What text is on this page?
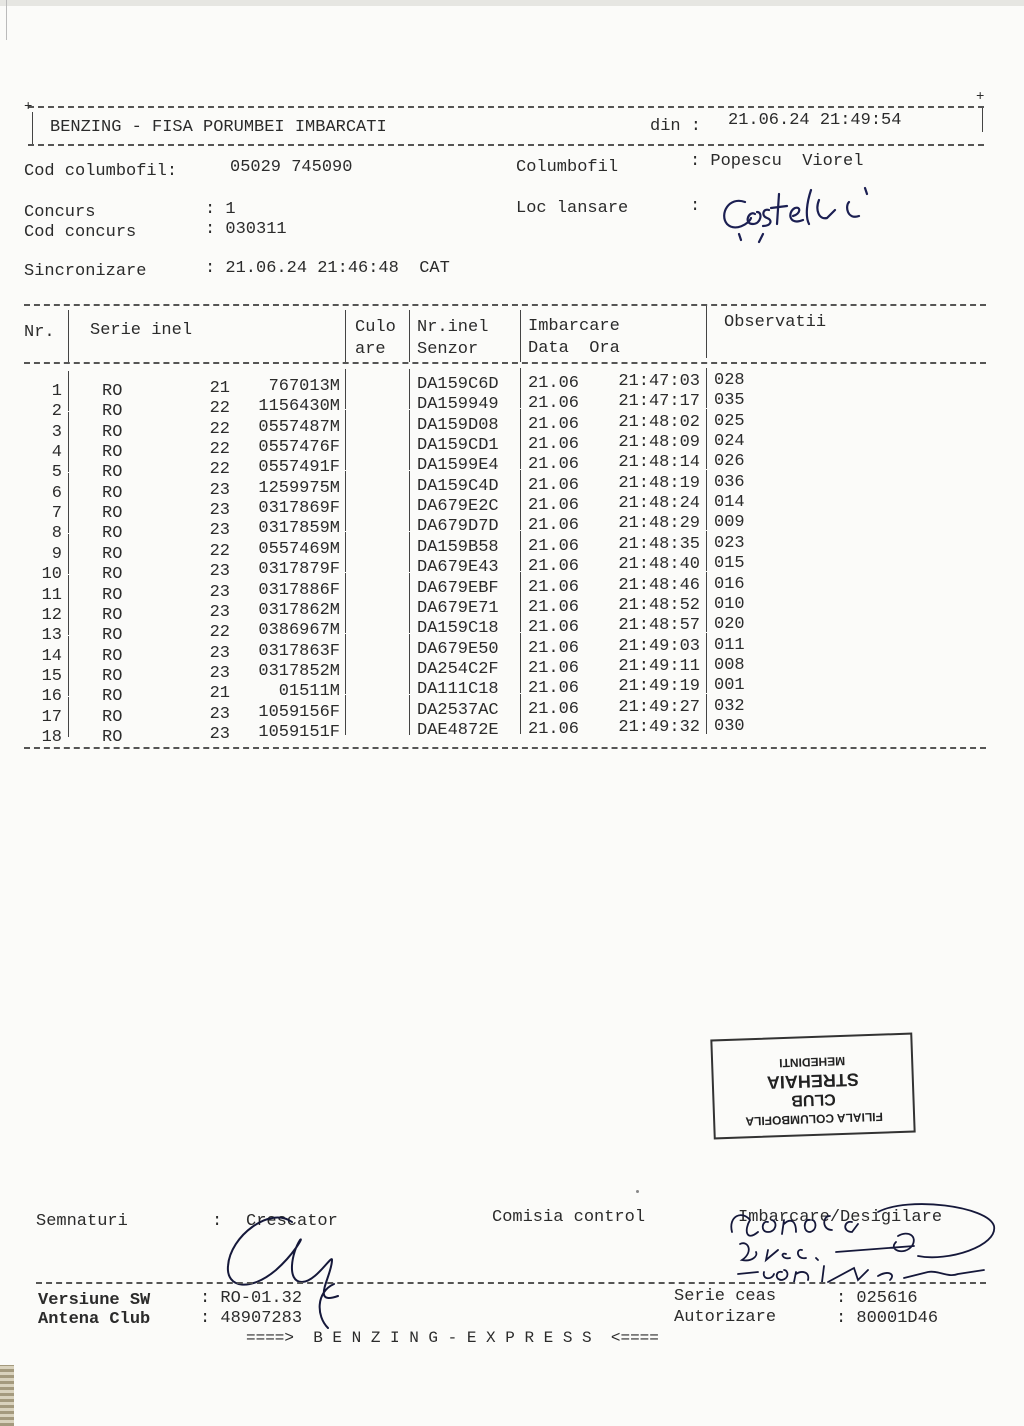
+
+
BENZING - FISA PORUMBEI IMBARCATI	din : 21.06.24 21:49:54
Cod columbofil:	05029 745090	Columbofil	: Popescu  Viorel
Concurs	: 1	Loc lansare	:
Cod concurs	: 030311
Sincronizare	: 21.06.24 21:46:48  CAT
Nr. Serie inel	Culo
are
Nr.inel
Senzor
Imbarcare
Data  Ora
Observatii
1 RO	21	767013M	DA159C6D 21.06	21:47:03 028
2 RO	22	1156430M	DA159949 21.06	21:47:17 035
3 RO	22	0557487M	DA159D08 21.06	21:48:02 025
4 RO	22	0557476F	DA159CD1 21.06	21:48:09 024
5 RO	22	0557491F	DA1599E4 21.06	21:48:14 026
6 RO	23	1259975M	DA159C4D 21.06	21:48:19 036
7 RO	23	0317869F	DA679E2C 21.06	21:48:24 014
8 RO	23	0317859M	DA679D7D 21.06	21:48:29 009
9 RO	22	0557469M	DA159B58 21.06	21:48:35 023
10 RO	23	0317879F	DA679E43 21.06	21:48:40 015
11 RO	23	0317886F	DA679EBF 21.06	21:48:46 016
12 RO	23	0317862M	DA679E71 21.06	21:48:52 010
13 RO	22	0386967M	DA159C18 21.06	21:48:57 020
14 RO	23	0317863F	DA679E50 21.06	21:49:03 011
15 RO	23	0317852M	DA254C2F 21.06	21:49:11 008
16 RO	21	01511M	DA111C18 21.06	21:49:19 001
17 RO	23	1059156F	DA2537AC 21.06	21:49:27 032
18 RO	23	1059151F	DAE4872E 21.06	21:49:32 030
FILIALA COLUMBOFILA
CLUB
STREHAIA
MEHEDINTI
Semnaturi	: Crescator	Comisia control	Imbarcare/Desigilare
Versiune SW	: RO-01.32
Antena Club	: 48907283
Serie ceas	: 025616
Autorizare	: 80001D46
====>  B E N Z I N G - E X P R E S S  <====
